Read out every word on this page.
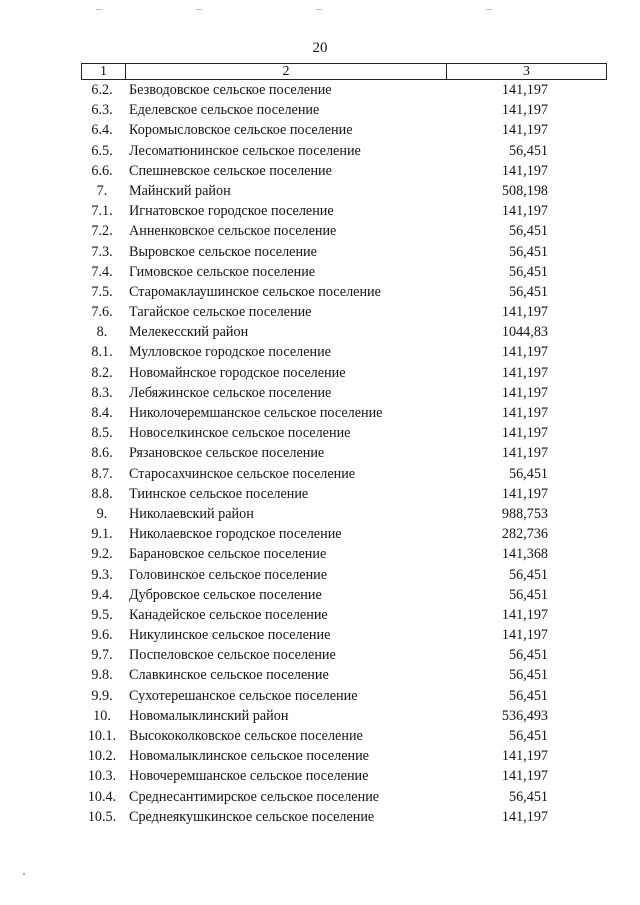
20
1	2	3
6.2.	Безводовское сельское поселение	141,197
6.3.	Еделевское сельское поселение	141,197
6.4.	Коромысловское сельское поселение	141,197
6.5.	Лесоматюнинское сельское поселение	56,451
6.6.	Спешневское сельское поселение	141,197
7.	Майнский район	508,198
7.1.	Игнатовское городское поселение	141,197
7.2.	Анненковское сельское поселение	56,451
7.3.	Выровское сельское поселение	56,451
7.4.	Гимовское сельское поселение	56,451
7.5.	Старомаклаушинское сельское поселение	56,451
7.6.	Тагайское сельское поселение	141,197
8.	Мелекесский район	1044,83
8.1.	Мулловское городское поселение	141,197
8.2.	Новомайнское городское поселение	141,197
8.3.	Лебяжинское сельское поселение	141,197
8.4.	Николочеремшанское сельское поселение	141,197
8.5.	Новоселкинское сельское поселение	141,197
8.6.	Рязановское сельское поселение	141,197
8.7.	Старосахчинское сельское поселение	56,451
8.8.	Тиинское сельское поселение	141,197
9.	Николаевский район	988,753
9.1.	Николаевское городское поселение	282,736
9.2.	Барановское сельское поселение	141,368
9.3.	Головинское сельское поселение	56,451
9.4.	Дубровское сельское поселение	56,451
9.5.	Канадейское сельское поселение	141,197
9.6.	Никулинское сельское поселение	141,197
9.7.	Поспеловское сельское поселение	56,451
9.8.	Славкинское сельское поселение	56,451
9.9.	Сухотерешанское сельское поселение	56,451
10.	Новомалыклинский район	536,493
10.1. Высококолковское сельское поселение	56,451
10.2. Новомалыклинское сельское поселение	141,197
10.3. Новочеремшанское сельское поселение	141,197
10.4. Среднесантимирское сельское поселение	56,451
10.5. Среднеякушкинское сельское поселение	141,197
